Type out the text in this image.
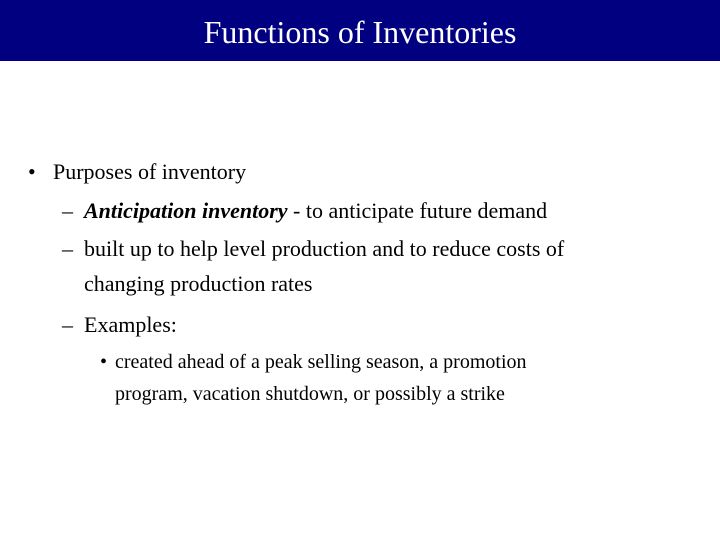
Functions of Inventories
• Purposes of inventory
– Anticipation inventory - to anticipate future demand
– built up to help level production and to reduce costs of
changing production rates
– Examples:
• created ahead of a peak selling season, a promotion
program, vacation shutdown, or possibly a strike
